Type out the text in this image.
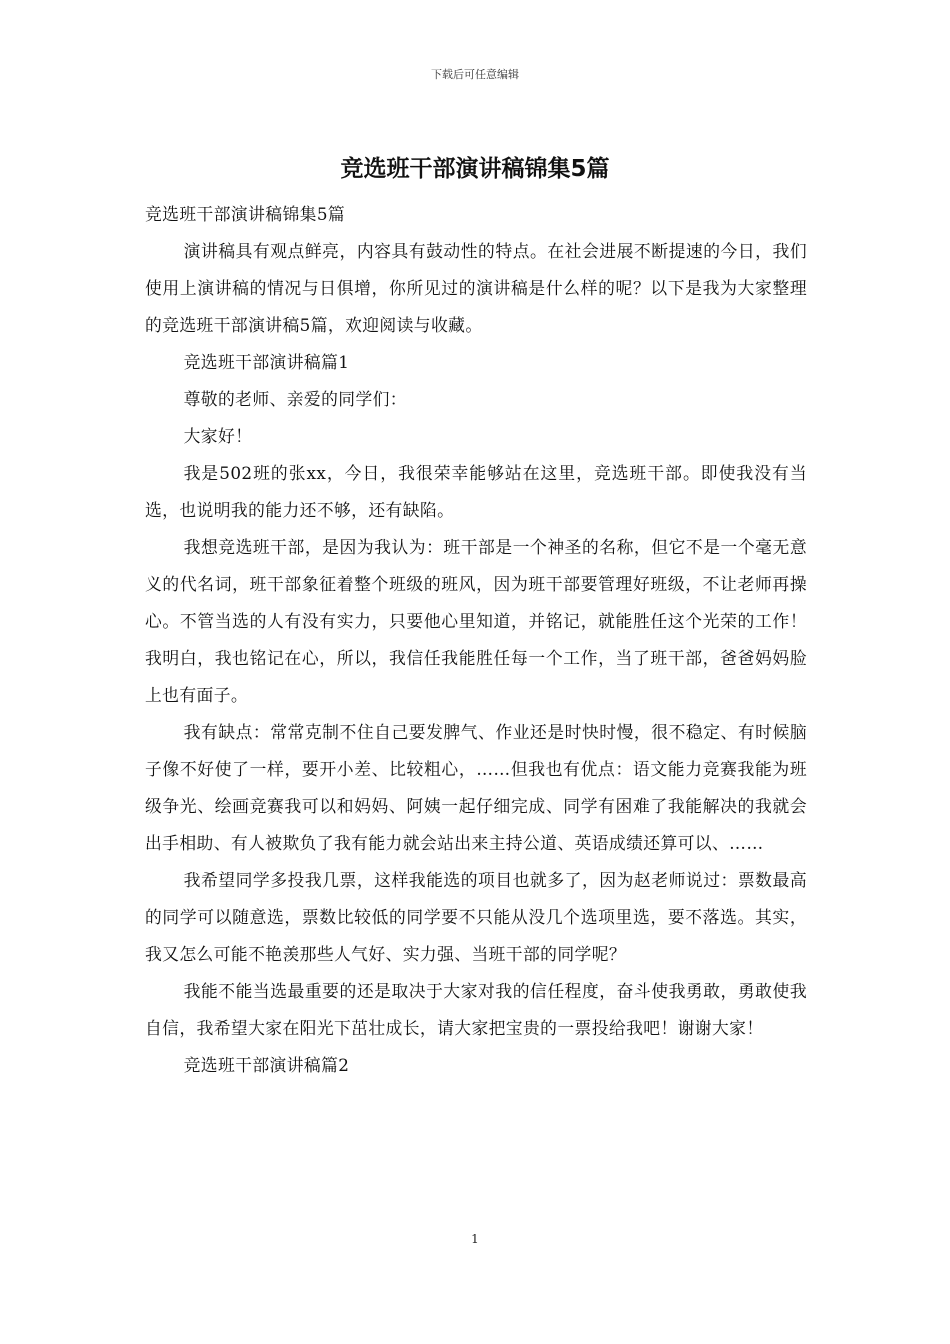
下载后可任意编辑
竞选班干部演讲稿锦集5篇

竞选班干部演讲稿锦集5篇

演讲稿具有观点鲜亮，内容具有鼓动性的特点。在社会进展不断提速的今日，我们使用上演讲稿的情况与日俱增，你所见过的演讲稿是什么样的呢？以下是我为大家整理的竞选班干部演讲稿5篇，欢迎阅读与收藏。

竞选班干部演讲稿篇1

尊敬的老师、亲爱的同学们：

大家好！

我是502班的张xx，今日，我很荣幸能够站在这里，竞选班干部。即使我没有当选，也说明我的能力还不够，还有缺陷。

我想竞选班干部，是因为我认为：班干部是一个神圣的名称，但它不是一个毫无意义的代名词，班干部象征着整个班级的班风，因为班干部要管理好班级，不让老师再操心。不管当选的人有没有实力，只要他心里知道，并铭记，就能胜任这个光荣的工作！我明白，我也铭记在心，所以，我信任我能胜任每一个工作，当了班干部，爸爸妈妈脸上也有面子。

我有缺点：常常克制不住自己要发脾气、作业还是时快时慢，很不稳定、有时候脑子像不好使了一样，要开小差、比较粗心，……但我也有优点：语文能力竞赛我能为班级争光、绘画竞赛我可以和妈妈、阿姨一起仔细完成、同学有困难了我能解决的我就会出手相助、有人被欺负了我有能力就会站出来主持公道、英语成绩还算可以、……

我希望同学多投我几票，这样我能选的项目也就多了，因为赵老师说过：票数最高的同学可以随意选，票数比较低的同学要不只能从没几个选项里选，要不落选。其实，我又怎么可能不艳羡那些人气好、实力强、当班干部的同学呢？

我能不能当选最重要的还是取决于大家对我的信任程度，奋斗使我勇敢，勇敢使我自信，我希望大家在阳光下茁壮成长，请大家把宝贵的一票投给我吧！谢谢大家！

竞选班干部演讲稿篇2

1
